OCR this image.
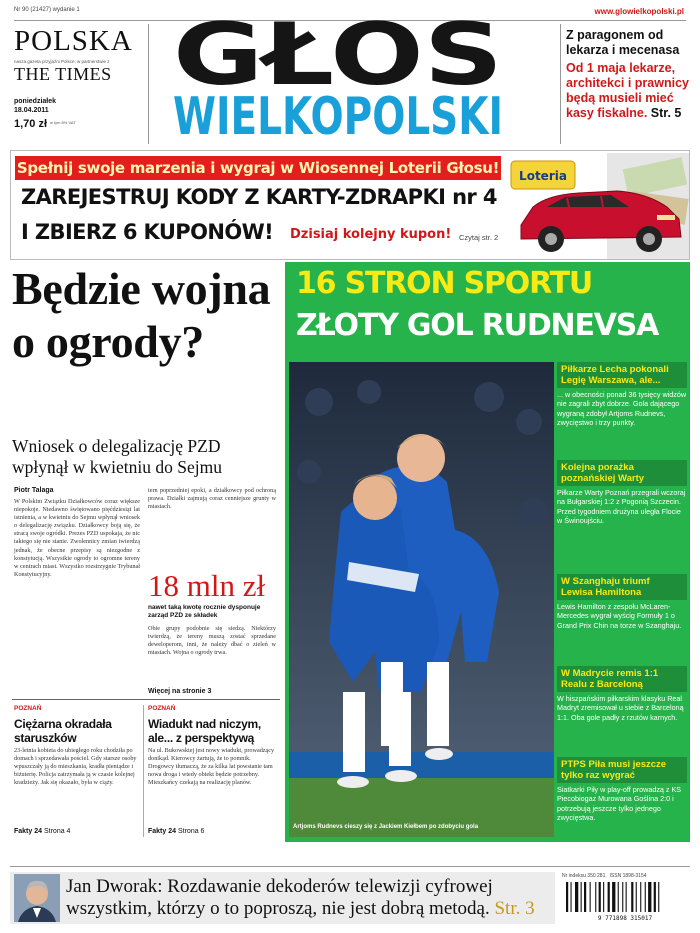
Nr 90 (21427) wydanie 1	www.glowielkopolski.pl
POLSKA
nasza gazeta przyjaźni Polsce, w partnerstwie z
THE TIMES
poniedziałek
18.04.2011
1,70 zł w tym 8% VAT
GŁOS
WIELKOPOLSKI
Z paragonem od lekarza i mecenasa
Od 1 maja lekarze, architekci i prawnicy będą musieli mieć kasy fiskalne. Str. 5
Spełnij swoje marzenia i wygraj w Wiosennej Loterii Głosu!
ZAREJESTRUJ KODY Z KARTY-ZDRAPKI nr 4
I ZBIERZ 6 KUPONÓW! Dzisiaj kolejny kupon! Czytaj str. 2
Loteria
Będzie wojna o ogrody?
Wniosek o delegalizację PZD wpłynął w kwietniu do Sejmu
Piotr Talaga
W Polskim Związku Działkowców coraz większe niepokoje. Niedawno świętowano pięćdziesiąt lat istnienia, a w kwietniu do Sejmu wpłynął wniosek o delegalizację związku. Działkowcy boją się, że stracą swoje ogródki. Prezes PZD uspokaja, że nic takiego się nie stanie. Zwolennicy zmian twierdzą jednak, że obecne przepisy są niezgodne z konstytucją. Wszystkie ogrody to ogromne tereny w centrach miast. Wszystko rozstrzygnie Trybunał Konstytucyjny.
tern poprzedniej epoki, a działkowcy pod ochroną prawa. Działki zajmują coraz cenniejsze grunty w miastach.
18 mln zł
nawet taką kwotę rocznie dysponuje zarząd PZD ze składek
Obie grupy podobnie się siedzą. Niektórzy twierdzą, że tereny muszą zostać sprzedane deweloperom, inni, że należy dbać o zieleń w miastach. Wojna o ogrody trwa.
Więcej na stronie 3
POZNAŃ
Ciężarna okradała staruszków
23-letnia kobieta do ubiegłego roku chodziła po domach i sprzedawała pościel. Gdy starsze osoby wpuszczały ją do mieszkania, kradła pieniądze i biżuterię. Policja zatrzymała ją w czasie kolejnej kradzieży. Jak się okazało, była w ciąży.
Fakty 24 Strona 4
POZNAŃ
Wiadukt nad niczym, ale... z perspektywą
Na ul. Bukowskiej jest nowy wiadukt, prowadzący donikąd. Kierowcy żartują, że to pomnik. Drogowcy tłumaczą, że za kilka lat powstanie tam nowa droga i wtedy obiekt będzie potrzebny. Mieszkańcy czekają na realizację planów.
Fakty 24 Strona 6
16 STRON SPORTU
ZŁOTY GOL RUDNEVSA
Artjoms Rudnevs cieszy się z Jackiem Kiełbem po zdobyciu gola
Piłkarze Lecha pokonali Legię Warszawa, ale...
... w obecności ponad 36 tysięcy widzów nie zagrali zbyt dobrze. Gola dającego wygraną zdobył Artjoms Rudnevs, zwycięstwo i trzy punkty.
Kolejna porażka poznańskiej Warty
Piłkarze Warty Poznań przegrali wczoraj na Bułgarskiej 1:2 z Pogonią Szczecin. Przed tygodniem drużyna uległa Flocie w Świnoujściu.
W Szanghaju triumf Lewisa Hamiltona
Lewis Hamilton z zespołu McLaren-Mercedes wygrał wyścig Formuły 1 o Grand Prix Chin na torze w Szanghaju.
W Madrycie remis 1:1 Realu z Barceloną
W hiszpańskim piłkarskim klasyku Real Madryt zremisował u siebie z Barceloną 1:1. Oba gole padły z rzutów karnych.
PTPS Piła musi jeszcze tylko raz wygrać
Siatkarki Piły w play-off prowadzą z KS Piecobiogaz Murowana Goślina 2:0 i potrzebują jeszcze tylko jednego zwycięstwa.
Jan Dworak: Rozdawanie dekoderów telewizji cyfrowej wszystkim, którzy o to poproszą, nie jest dobrą metodą. Str. 3
Nr indeksu 350 281 ISSN 1898-3154
9 771898 315017
